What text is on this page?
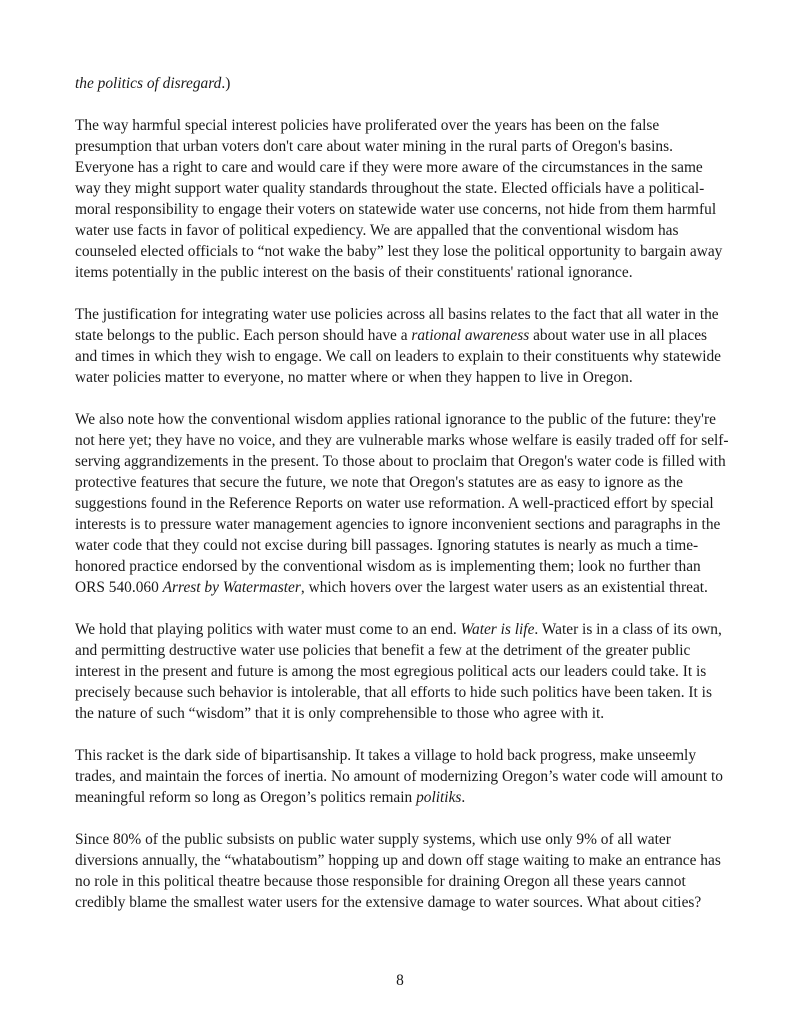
the politics of disregard.)

The way harmful special interest policies have proliferated over the years has been on the false presumption that urban voters don't care about water mining in the rural parts of Oregon's basins. Everyone has a right to care and would care if they were more aware of the circumstances in the same way they might support water quality standards throughout the state. Elected officials have a political-moral responsibility to engage their voters on statewide water use concerns, not hide from them harmful water use facts in favor of political expediency. We are appalled that the conventional wisdom has counseled elected officials to “not wake the baby” lest they lose the political opportunity to bargain away items potentially in the public interest on the basis of their constituents' rational ignorance.

The justification for integrating water use policies across all basins relates to the fact that all water in the state belongs to the public. Each person should have a rational awareness about water use in all places and times in which they wish to engage. We call on leaders to explain to their constituents why statewide water policies matter to everyone, no matter where or when they happen to live in Oregon.

We also note how the conventional wisdom applies rational ignorance to the public of the future: they're not here yet; they have no voice, and they are vulnerable marks whose welfare is easily traded off for self-serving aggrandizements in the present. To those about to proclaim that Oregon's water code is filled with protective features that secure the future, we note that Oregon's statutes are as easy to ignore as the suggestions found in the Reference Reports on water use reformation. A well-practiced effort by special interests is to pressure water management agencies to ignore inconvenient sections and paragraphs in the water code that they could not excise during bill passages. Ignoring statutes is nearly as much a time-honored practice endorsed by the conventional wisdom as is implementing them; look no further than ORS 540.060 Arrest by Watermaster, which hovers over the largest water users as an existential threat.

We hold that playing politics with water must come to an end. Water is life. Water is in a class of its own, and permitting destructive water use policies that benefit a few at the detriment of the greater public interest in the present and future is among the most egregious political acts our leaders could take. It is precisely because such behavior is intolerable, that all efforts to hide such politics have been taken. It is the nature of such “wisdom” that it is only comprehensible to those who agree with it.

This racket is the dark side of bipartisanship. It takes a village to hold back progress, make unseemly trades, and maintain the forces of inertia. No amount of modernizing Oregon’s water code will amount to meaningful reform so long as Oregon’s politics remain politiks.

Since 80% of the public subsists on public water supply systems, which use only 9% of all water diversions annually, the “whataboutism” hopping up and down off stage waiting to make an entrance has no role in this political theatre because those responsible for draining Oregon all these years cannot credibly blame the smallest water users for the extensive damage to water sources. What about cities?

8
